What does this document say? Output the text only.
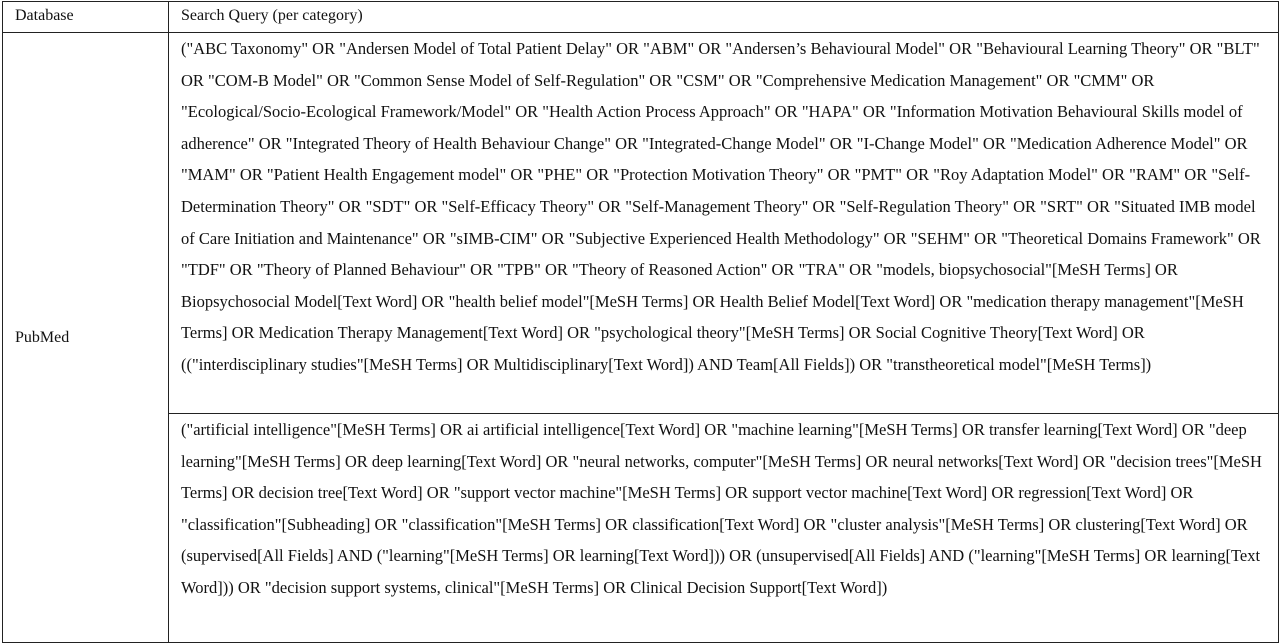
Database	Search Query (per category)
PubMed	("ABC Taxonomy" OR "Andersen Model of Total Patient Delay" OR "ABM" OR "Andersen’s Behavioural Model" OR "Behavioural Learning Theory" OR "BLT" OR "COM-B Model" OR "Common Sense Model of Self-Regulation" OR "CSM" OR "Comprehensive Medication Management" OR "CMM" OR "Ecological/Socio-Ecological Framework/Model" OR "Health Action Process Approach" OR "HAPA" OR "Information Motivation Behavioural Skills model of adherence" OR "Integrated Theory of Health Behaviour Change" OR "Integrated-Change Model" OR "I-Change Model" OR "Medication Adherence Model" OR "MAM" OR "Patient Health Engagement model" OR "PHE" OR "Protection Motivation Theory" OR "PMT" OR "Roy Adaptation Model" OR "RAM" OR "Self-Determination Theory" OR "SDT" OR "Self-Efficacy Theory" OR "Self-Management Theory" OR "Self-Regulation Theory" OR "SRT" OR "Situated IMB model of Care Initiation and Maintenance" OR "sIMB-CIM" OR "Subjective Experienced Health Methodology" OR "SEHM" OR "Theoretical Domains Framework" OR "TDF" OR "Theory of Planned Behaviour" OR "TPB" OR "Theory of Reasoned Action" OR "TRA" OR "models, biopsychosocial"[MeSH Terms] OR Biopsychosocial Model[Text Word] OR "health belief model"[MeSH Terms] OR Health Belief Model[Text Word] OR "medication therapy management"[MeSH Terms] OR Medication Therapy Management[Text Word] OR "psychological theory"[MeSH Terms] OR Social Cognitive Theory[Text Word] OR (("interdisciplinary studies"[MeSH Terms] OR Multidisciplinary[Text Word]) AND Team[All Fields]) OR "transtheoretical model"[MeSH Terms])
	("artificial intelligence"[MeSH Terms] OR ai artificial intelligence[Text Word] OR "machine learning"[MeSH Terms] OR transfer learning[Text Word] OR "deep learning"[MeSH Terms] OR deep learning[Text Word] OR "neural networks, computer"[MeSH Terms] OR neural networks[Text Word] OR "decision trees"[MeSH Terms] OR decision tree[Text Word] OR "support vector machine"[MeSH Terms] OR support vector machine[Text Word] OR regression[Text Word] OR "classification"[Subheading] OR "classification"[MeSH Terms] OR classification[Text Word] OR "cluster analysis"[MeSH Terms] OR clustering[Text Word] OR (supervised[All Fields] AND ("learning"[MeSH Terms] OR learning[Text Word])) OR (unsupervised[All Fields] AND ("learning"[MeSH Terms] OR learning[Text Word])) OR "decision support systems, clinical"[MeSH Terms] OR Clinical Decision Support[Text Word])
